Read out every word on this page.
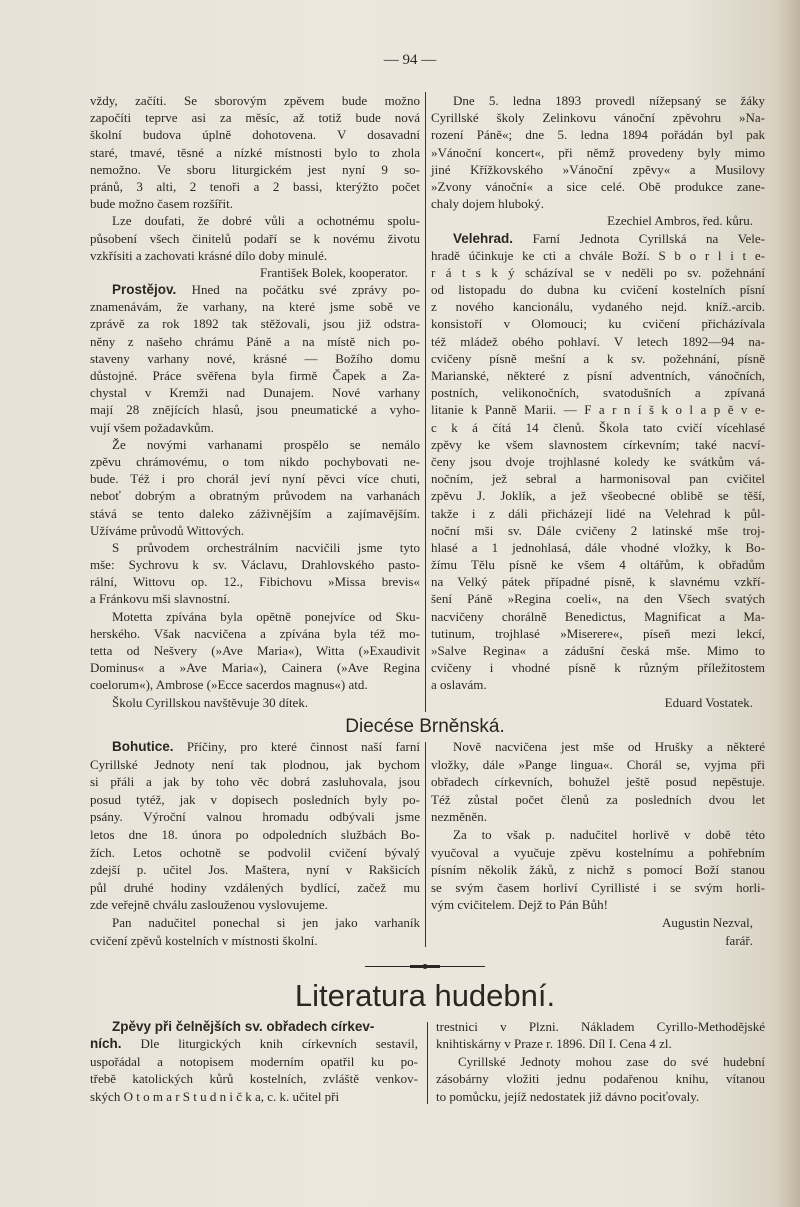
— 94 —
vždy, začíti. Se sborovým zpěvem bude možno
započíti teprve asi za měsíc, až totiž bude nová
školní budova úplně dohotovena. V dosavadní
staré, tmavé, těsné a nízké místnosti bylo to zhola
nemožno. Ve sboru liturgickém jest nyní 9 so-
pránů, 3 alti, 2 tenoři a 2 bassi, kterýžto počet
bude možno časem rozšířit.
Lze doufati, že dobré vůli a ochotnému spolu-
působení všech činitelů podaří se k novému životu
vzkřísiti a zachovati krásné dílo doby minulé.
František Bolek, kooperator.
Prostějov. Hned na počátku své zprávy po-
znamenávám, že varhany, na které jsme sobě ve
zprávě za rok 1892 tak stěžovali, jsou již odstra-
něny z našeho chrámu Páně a na místě nich po-
staveny varhany nové, krásné — Božího domu
důstojné. Práce svěřena byla firmě Čapek a Za-
chystal v Kremži nad Dunajem. Nové varhany
mají 28 znějících hlasů, jsou pneumatické a vyho-
vují všem požadavkům.
Že novými varhanami prospělo se nemálo
zpěvu chrámovému, o tom nikdo pochybovati ne-
bude. Též i pro chorál jeví nyní pěvci více chuti,
neboť dobrým a obratným průvodem na varhanách
stává se tento daleko záživnějším a zajímavějším.
Užíváme průvodů Wittových.
S průvodem orchestrálním nacvičili jsme tyto
mše: Sychrovu k sv. Václavu, Drahlovského pasto-
rální, Wittovu op. 12., Fibichovu »Missa brevis«
a Fránkovu mši slavnostní.
Motetta zpívána byla opětně ponejvíce od Sku-
herského. Však nacvičena a zpívána byla též mo-
tetta od Nešvery (»Ave Maria«), Witta (»Exaudivit
Dominus« a »Ave Maria«), Cainera (»Ave Regina
coelorum«), Ambrose (»Ecce sacerdos magnus«) atd.
Školu Cyrillskou navštěvuje 30 dítek.
Dne 5. ledna 1893 provedl nížepsaný se žáky
Cyrillské školy Zelinkovu vánoční zpěvohru »Na-
rození Páně«; dne 5. ledna 1894 pořádán byl pak
»Vánoční koncert«, při němž provedeny byly mimo
jiné Křížkovského »Vánoční zpěvy« a Musilovy
»Zvony vánoční« a sice celé. Obě produkce zane-
chaly dojem hluboký.
Ezechiel Ambros, řed. kůru.
Velehrad. Farní Jednota Cyrillská na Vele-
hradě účinkuje ke cti a chvále Boží. S b o r l i t e-
r á t s k ý scházíval se v neděli po sv. požehnání
od listopadu do dubna ku cvičení kostelních písní
z nového kancionálu, vydaného nejd. kníž.-arcib.
konsistoří v Olomouci; ku cvičení přicházívala
též mládež obého pohlaví. V letech 1892—94 na-
cvičeny písně mešní a k sv. požehnání, písně
Marianské, některé z písní adventních, vánočních,
postních, velikonočních, svatodušních a zpívaná
litanie k Panně Marii. — F a r n í š k o l a p ě v e-
c k á čítá 14 členů. Škola tato cvičí vícehlasé
zpěvy ke všem slavnostem církevním; také nacví-
čeny jsou dvoje trojhlasné koledy ke svátkům vá-
nočním, jež sebral a harmonisoval pan cvičitel
zpěvu J. Joklík, a jež všeobecné oblibě se těší,
takže i z dáli přicházejí lidé na Velehrad k půl-
noční mši sv. Dále cvičeny 2 latinské mše troj-
hlasé a 1 jednohlasá, dále vhodné vložky, k Bo-
žímu Tělu písně ke všem 4 oltářům, k obřadům
na Velký pátek případné písně, k slavnému vzkří-
šení Páně »Regina coeli«, na den Všech svatých
nacvičeny chorálně Benedictus, Magnificat a Ma-
tutinum, trojhlasé »Miserere«, píseň mezi lekcí,
»Salve Regina« a zádušní česká mše. Mimo to
cvičeny i vhodné písně k různým příležitostem
a oslavám.
Eduard Vostatek.
Diecése Brněnská.
Bohutice. Příčiny, pro které činnost naší farní
Cyrillské Jednoty není tak plodnou, jak bychom
si přáli a jak by toho věc dobrá zasluhovala, jsou
posud tytéž, jak v dopisech posledních byly po-
psány. Výroční valnou hromadu odbývali jsme
letos dne 18. února po odpoledních službách Bo-
žích. Letos ochotně se podvolil cvičení bývalý
zdejší p. učitel Jos. Maštera, nyní v Rakšicích
půl druhé hodiny vzdálených bydlící, začež mu
zde veřejně chválu zaslouženou vyslovujeme.
Pan nadučitel ponechal si jen jako varhaník
cvičení zpěvů kostelních v místnosti školní.
Nově nacvičena jest mše od Hrušky a některé
vložky, dále »Pange lingua«. Chorál se, vyjma při
obřadech církevních, bohužel ještě posud nepěstuje.
Též zůstal počet členů za posledních dvou let
nezměněn.
Za to však p. nadučitel horlivě v době této
vyučoval a vyučuje zpěvu kostelnímu a pohřebním
písním několik žáků, z nichž s pomocí Boží stanou
se svým časem horliví Cyrillisté i se svým horli-
vým cvičitelem. Dejž to Pán Bůh!
Augustin Nezval,
farář.
Literatura hudební.
Zpěvy při čelnějších sv. obřadech církev-
ních. Dle liturgických knih církevních sestavil,
uspořádal a notopisem moderním opatřil ku po-
třebě katolických kůrů kostelních, zvláště venkov-
ských O t o m a r S t u d n i č k a, c. k. učitel při
trestnici v Plzni. Nákladem Cyrillo-Methodějské
knihtiskárny v Praze r. 1896. Díl I. Cena 4 zl.
Cyrillské Jednoty mohou zase do své hudební
zásobárny vložiti jednu podařenou knihu, vítanou
to pomůcku, jejíž nedostatek již dávno pociťovaly.
